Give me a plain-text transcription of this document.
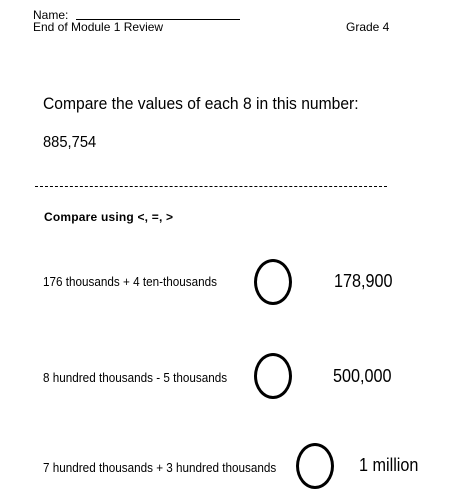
Name:
End of Module 1 Review	Grade 4
Compare the values of each 8 in this number:
885,754
Compare using <, =, >
176 thousands + 4 ten-thousands	178,900
8 hundred thousands - 5 thousands	500,000
7 hundred thousands + 3 hundred thousands	1 million
